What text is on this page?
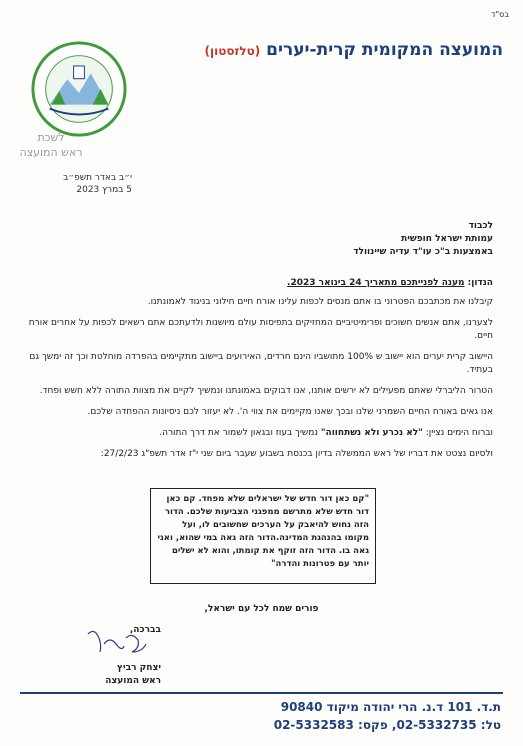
בס"ד
המועצה המקומית קרית-יערים (טלזסטון)
לשכת
ראש המועצה
י״ב באדר תשפ״ב
5 במרץ 2023
לכבוד
עמותת ישראל חופשית
באמצעות ב"כ עו"ד עדיה שיינוולד
הנדון: מענה לפנייתכם מתאריך 24 בינואר 2023.

קיבלנו את מכתבכם הפטרוני בו אתם מנסים לכפות עלינו אורח חיים חילוני בניגוד לאמונתנו.

לצערנו, אתם אנשים חשוכים ופרימיטיביים המחזיקים בתפיסות עולם מיושנות ולדעתכם אתם רשאים לכפות על אחרים אורח חיים.

היישוב קרית יערים הוא יישוב ש 100% מתושביו הינם חרדים, האירועים ביישוב מתקיימים בהפרדה מוחלטת וכך זה ימשך גם בעתיד.

הטרור הליברלי שאתם מפעילים לא ירשים אותנו, אנו דבוקים באמונתנו ונמשיך לקיים את מצוות התורה ללא חשש ופחד.

אנו גאים באורח החיים השמרני שלנו ובכך שאנו מקיימים את צווי ה'. לא יעזור לכם ניסיונות ההפחדה שלכם.

וברוח הימים נציין: "לא נכרע ולא נשתחווה" נמשיך בעוז ובגאון לשמור את דרך התורה.

ולסיום נצטט את דבריו של ראש הממשלה בדיון בכנסת בשבוע שעבר ביום שני י"ז אדר תשפ"ג 27/2/23:

"קם כאן דור חדש של ישראלים שלא מפחד. קם כאן דור חדש שלא מתרשם ממפגני הצביעות שלכם. הדור הזה נחוש להיאבק על הערכים שחשובים לו, ועל מקומו בהנהגת המדינה.הדור הזה גאה במי שהוא, ואני גאה בו. הדור הזה זוקף את קומתו, והוא לא ישלים יותר עם פטרונות והדרה"
פורים שמח לכל עם ישראל,
בברכה,
יצחק רביץ
ראש המועצה
ת.ד. 101 ד.נ. הרי יהודה מיקוד 90840
טל: 02-5332735, פקס: 02-5332583
